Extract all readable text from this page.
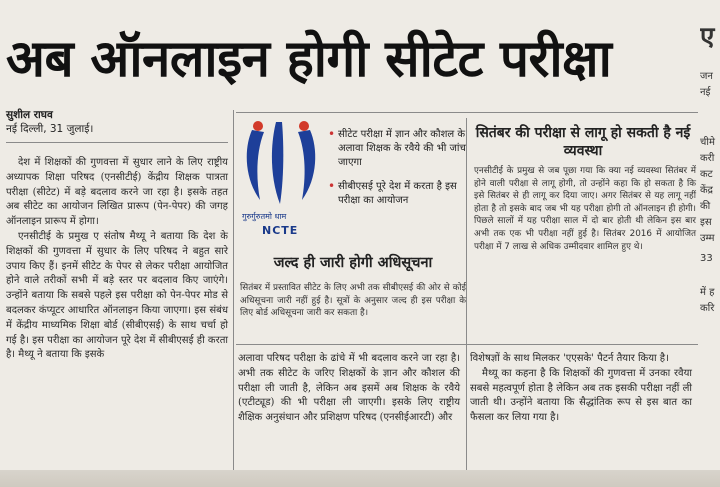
अब ऑनलाइन होगी सीटेट परीक्षा	ए
जन
नई
चीमे
करी
कट
केंद्र
की
इस
उम्म
33
में ह
करि
सुशील राघव
नई दिल्ली, 31 जुलाई।

देश में शिक्षकों की गुणवत्ता में सुधार लाने के लिए राष्ट्रीय अध्यापक शिक्षा परिषद (एनसीटीई) केंद्रीय शिक्षक पात्रता परीक्षा (सीटेट) में बड़े बदलाव करने जा रहा है। इसके तहत अब सीटेट का आयोजन लिखित प्रारूप (पेन-पेपर) की जगह ऑनलाइन प्रारूप में होगा।

एनसीटीई के प्रमुख ए संतोष मैथ्यू ने बताया कि देश के शिक्षकों की गुणवत्ता में सुधार के लिए परिषद ने बहुत सारे उपाय किए हैं। इनमें सीटेट के पेपर से लेकर परीक्षा आयोजित होने वाले तरीकों सभी में बड़े स्तर पर बदलाव किए जाएंगे। उन्होंने बताया कि सबसे पहले इस परीक्षा को पेन-पेपर मोड से बदलकर कंप्यूटर आधारित ऑनलाइन किया जाएगा। इस संबंध में केंद्रीय माध्यमिक शिक्षा बोर्ड (सीबीएसई) के साथ चर्चा हो गई है। इस परीक्षा का आयोजन पूरे देश में सीबीएसई ही करता है। मैथ्यू ने बताया कि इसके

गुरुर्गुरुतमो धाम
NCTE
• सीटेट परीक्षा में ज्ञान और कौशल के अलावा शिक्षक के रवैये की भी जांच जाएगा
• सीबीएसई पूरे देश में करता है इस परीक्षा का आयोजन
जल्द ही जारी होगी अधिसूचना
सितंबर में प्रस्तावित सीटेट के लिए अभी तक सीबीएसई की ओर से कोई अधिसूचना जारी नहीं हुई है। सूत्रों के अनुसार जल्द ही इस परीक्षा के लिए बोर्ड अधिसूचना जारी कर सकता है।
सितंबर की परीक्षा से लागू हो सकती है नई व्यवस्था
एनसीटीई के प्रमुख से जब पूछा गया कि क्या नई व्यवस्था सितंबर में होने वाली परीक्षा से लागू होगी, तो उन्होंने कहा कि हो सकता है कि इसे सितंबर से ही लागू कर दिया जाए। अगर सितंबर से यह लागू नहीं होता है तो इसके बाद जब भी यह परीक्षा होगी तो ऑनलाइन ही होगी। पिछले सालों में यह परीक्षा साल में दो बार होती थी लेकिन इस बार अभी तक एक भी परीक्षा नहीं हुई है। सितंबर 2016 में आयोजित परीक्षा में 7 लाख से अधिक उम्मीदवार शामिल हुए थे।
अलावा परिषद परीक्षा के ढांचे में भी बदलाव करने जा रहा है। अभी तक सीटेट के जरिए शिक्षकों के ज्ञान और कौशल की परीक्षा ली जाती है, लेकिन अब इसमें अब शिक्षक के रवैये (एटीट्यूड) की भी परीक्षा ली जाएगी। इसके लिए राष्ट्रीय शैक्षिक अनुसंधान और प्रशिक्षण परिषद (एनसीईआरटी) और

विशेषज्ञों के साथ मिलकर 'एएसके' पैटर्न तैयार किया है।

मैथ्यू का कहना है कि शिक्षकों की गुणवत्ता में उनका रवैया सबसे महत्वपूर्ण होता है लेकिन अब तक इसकी परीक्षा नहीं ली जाती थी। उन्होंने बताया कि सैद्धांतिक रूप से इस बात का फैसला कर लिया गया है।
